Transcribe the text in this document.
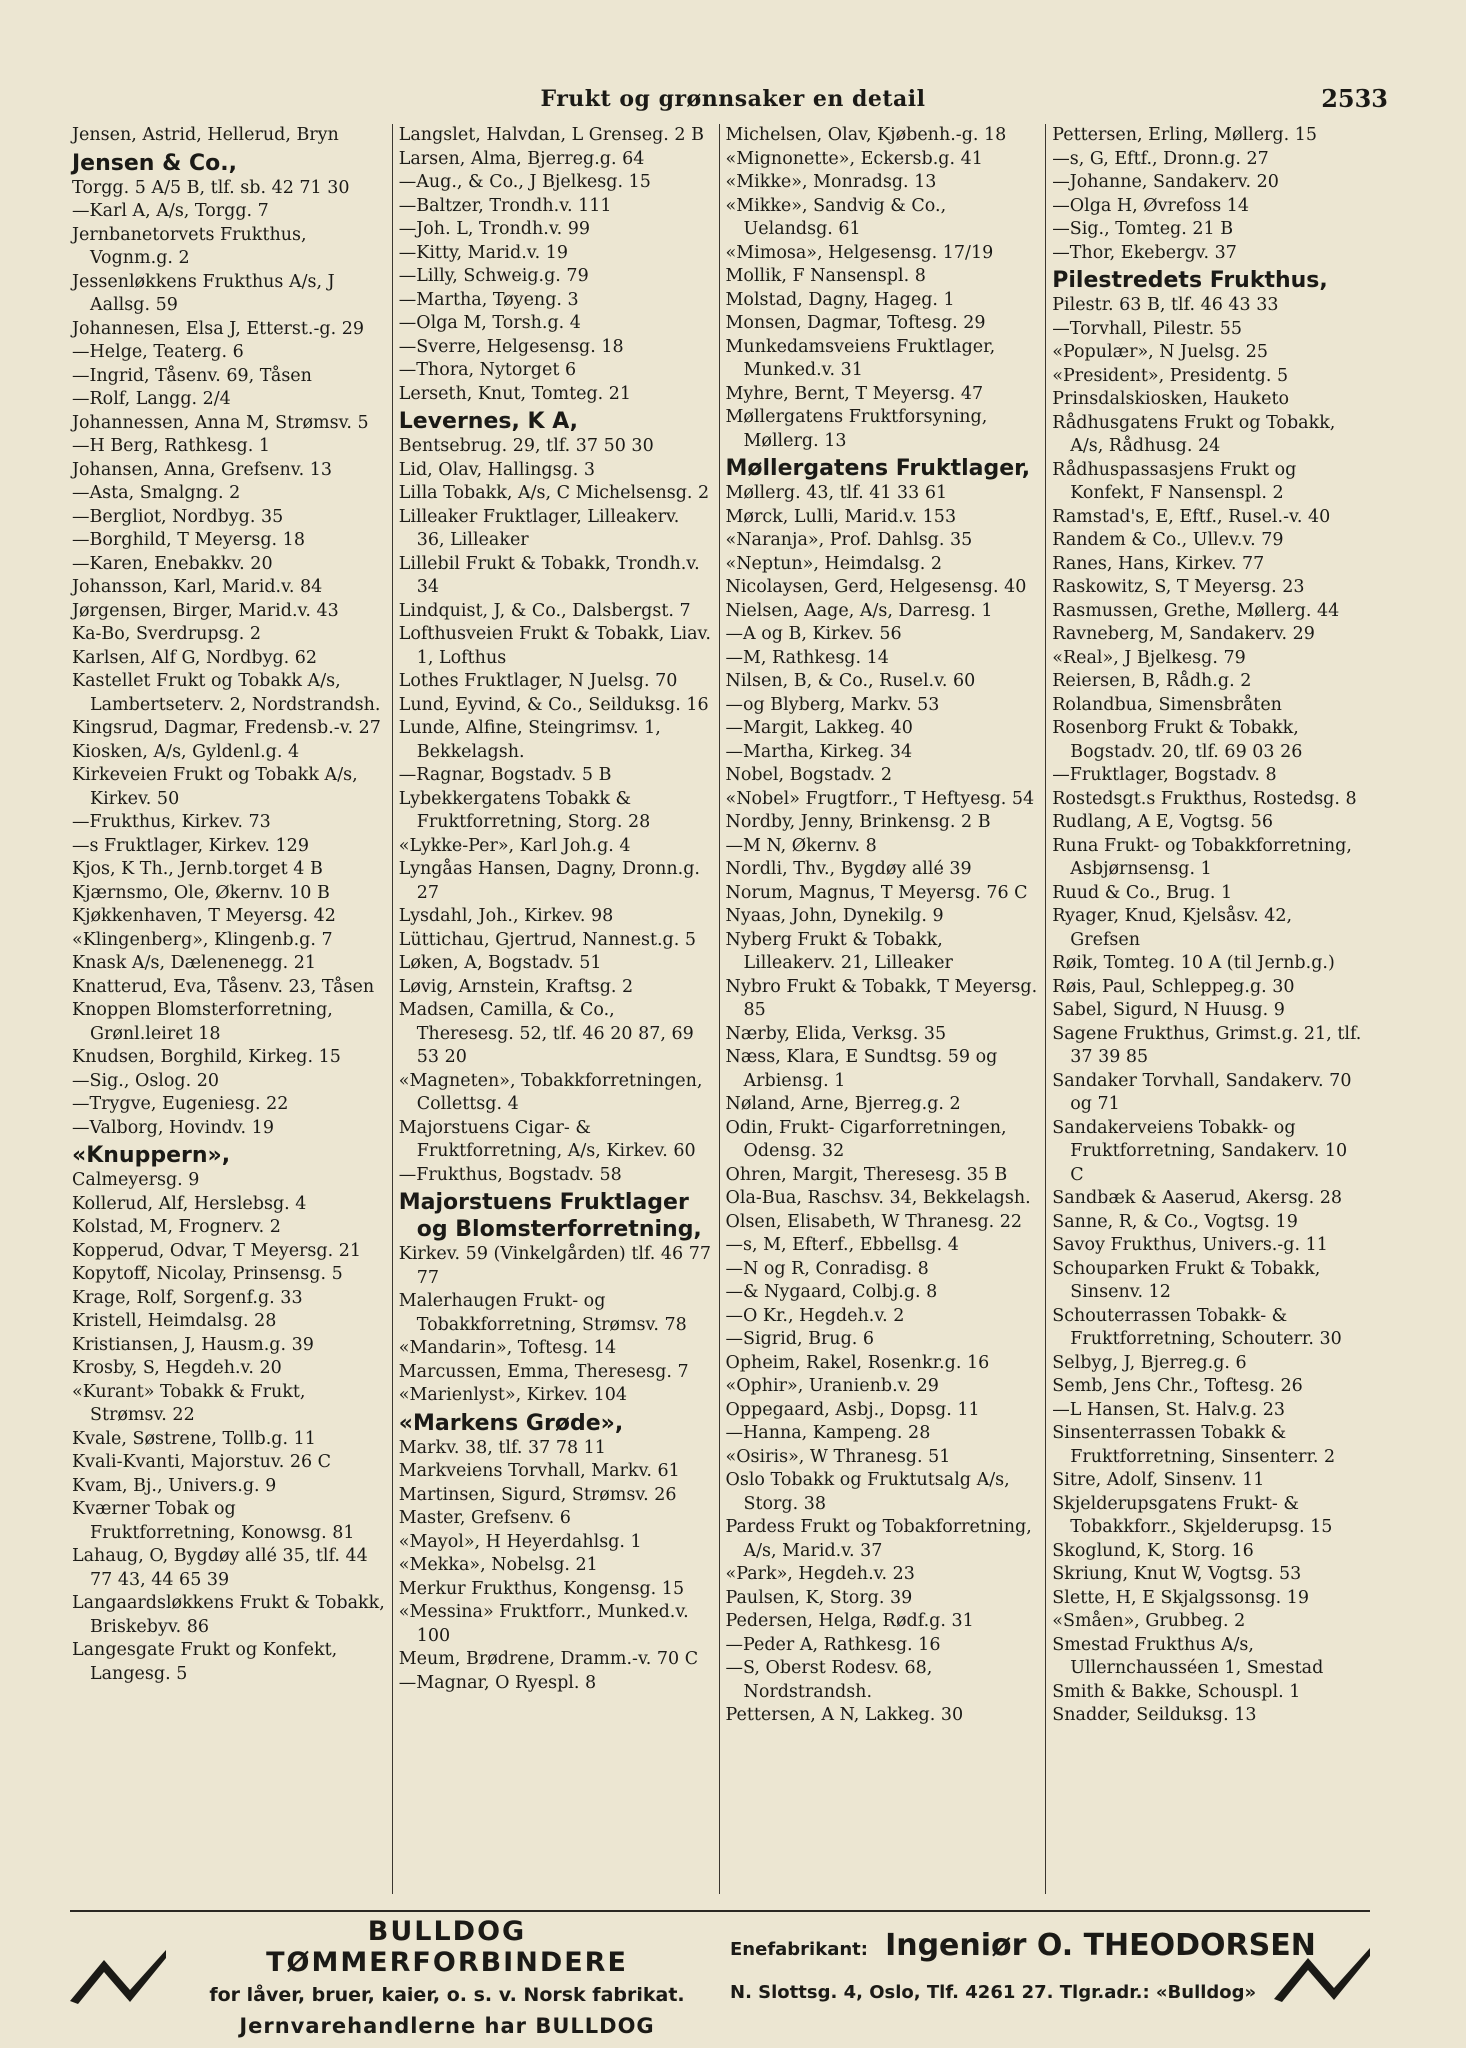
Frukt og grønnsaker en detail	2533
Jensen, Astrid, Hellerud, Bryn
Jensen & Co.,
Torgg. 5 A/5 B, tlf. sb. 42 71 30
—Karl A, A/s, Torgg. 7
Jernbanetorvets Frukthus, Vognm.g. 2
Jessenløkkens Frukthus A/s, J Aallsg. 59
Johannesen, Elsa J, Etterst.-g. 29
—Helge, Teaterg. 6
—Ingrid, Tåsenv. 69, Tåsen
—Rolf, Langg. 2/4
Johannessen, Anna M, Strømsv. 5
—H Berg, Rathkesg. 1
Johansen, Anna, Grefsenv. 13
—Asta, Smalgng. 2
—Bergliot, Nordbyg. 35
—Borghild, T Meyersg. 18
—Karen, Enebakkv. 20
Johansson, Karl, Marid.v. 84
Jørgensen, Birger, Marid.v. 43
Ka-Bo, Sverdrupsg. 2
Karlsen, Alf G, Nordbyg. 62
Kastellet Frukt og Tobakk A/s, Lambertseterv. 2, Nordstrandsh.
Kingsrud, Dagmar, Fredensb.-v. 27
Kiosken, A/s, Gyldenl.g. 4
Kirkeveien Frukt og Tobakk A/s, Kirkev. 50
—Frukthus, Kirkev. 73
—s Fruktlager, Kirkev. 129
Kjos, K Th., Jernb.torget 4 B
Kjærnsmo, Ole, Økernv. 10 B
Kjøkkenhaven, T Meyersg. 42
«Klingenberg», Klingenb.g. 7
Knask A/s, Dælenenegg. 21
Knatterud, Eva, Tåsenv. 23, Tåsen
Knoppen Blomsterforretning, Grønl.leiret 18
Knudsen, Borghild, Kirkeg. 15
—Sig., Oslog. 20
—Trygve, Eugeniesg. 22
—Valborg, Hovindv. 19
«Knuppern»,
Calmeyersg. 9
Kollerud, Alf, Herslebsg. 4
Kolstad, M, Frognerv. 2
Kopperud, Odvar, T Meyersg. 21
Kopytoff, Nicolay, Prinsensg. 5
Krage, Rolf, Sorgenf.g. 33
Kristell, Heimdalsg. 28
Kristiansen, J, Hausm.g. 39
Krosby, S, Hegdeh.v. 20
«Kurant» Tobakk & Frukt, Strømsv. 22
Kvale, Søstrene, Tollb.g. 11
Kvali-Kvanti, Majorstuv. 26 C
Kvam, Bj., Univers.g. 9
Kværner Tobak og Fruktforretning, Konowsg. 81
Lahaug, O, Bygdøy allé 35, tlf. 44 77 43, 44 65 39
Langaardsløkkens Frukt & Tobakk, Briskebyv. 86
Langesgate Frukt og Konfekt, Langesg. 5
Langslet, Halvdan, L Grenseg. 2 B
Larsen, Alma, Bjerreg.g. 64
—Aug., & Co., J Bjelkesg. 15
—Baltzer, Trondh.v. 111
—Joh. L, Trondh.v. 99
—Kitty, Marid.v. 19
—Lilly, Schweig.g. 79
—Martha, Tøyeng. 3
—Olga M, Torsh.g. 4
—Sverre, Helgesensg. 18
—Thora, Nytorget 6
Lerseth, Knut, Tomteg. 21
Levernes, K A,
Bentsebrug. 29, tlf. 37 50 30
Lid, Olav, Hallingsg. 3
Lilla Tobakk, A/s, C Michelsensg. 2
Lilleaker Fruktlager, Lilleakerv. 36, Lilleaker
Lillebil Frukt & Tobakk, Trondh.v. 34
Lindquist, J, & Co., Dalsbergst. 7
Lofthusveien Frukt & Tobakk, Liav. 1, Lofthus
Lothes Fruktlager, N Juelsg. 70
Lund, Eyvind, & Co., Seilduksg. 16
Lunde, Alfine, Steingrimsv. 1, Bekkelagsh.
—Ragnar, Bogstadv. 5 B
Lybekkergatens Tobakk & Fruktforretning, Storg. 28
«Lykke-Per», Karl Joh.g. 4
Lyngåas Hansen, Dagny, Dronn.g. 27
Lysdahl, Joh., Kirkev. 98
Lüttichau, Gjertrud, Nannest.g. 5
Løken, A, Bogstadv. 51
Løvig, Arnstein, Kraftsg. 2
Madsen, Camilla, & Co., Theresesg. 52, tlf. 46 20 87, 69 53 20
«Magneten», Tobakkforretningen, Collettsg. 4
Majorstuens Cigar- & Fruktforretning, A/s, Kirkev. 60
—Frukthus, Bogstadv. 58
Majorstuens Fruktlager og Blomsterforretning,
Kirkev. 59 (Vinkelgården) tlf. 46 77 77
Malerhaugen Frukt- og Tobakkforretning, Strømsv. 78
«Mandarin», Toftesg. 14
Marcussen, Emma, Theresesg. 7
«Marienlyst», Kirkev. 104
«Markens Grøde»,
Markv. 38, tlf. 37 78 11
Markveiens Torvhall, Markv. 61
Martinsen, Sigurd, Strømsv. 26
Master, Grefsenv. 6
«Mayol», H Heyerdahlsg. 1
«Mekka», Nobelsg. 21
Merkur Frukthus, Kongensg. 15
«Messina» Fruktforr., Munked.v. 100
Meum, Brødrene, Dramm.-v. 70 C
—Magnar, O Ryespl. 8
Michelsen, Olav, Kjøbenh.-g. 18
«Mignonette», Eckersb.g. 41
«Mikke», Monradsg. 13
«Mikke», Sandvig & Co., Uelandsg. 61
«Mimosa», Helgesensg. 17/19
Mollik, F Nansenspl. 8
Molstad, Dagny, Hageg. 1
Monsen, Dagmar, Toftesg. 29
Munkedamsveiens Fruktlager, Munked.v. 31
Myhre, Bernt, T Meyersg. 47
Møllergatens Fruktforsyning, Møllerg. 13
Møllergatens Fruktlager,
Møllerg. 43, tlf. 41 33 61
Mørck, Lulli, Marid.v. 153
«Naranja», Prof. Dahlsg. 35
«Neptun», Heimdalsg. 2
Nicolaysen, Gerd, Helgesensg. 40
Nielsen, Aage, A/s, Darresg. 1
—A og B, Kirkev. 56
—M, Rathkesg. 14
Nilsen, B, & Co., Rusel.v. 60
—og Blyberg, Markv. 53
—Margit, Lakkeg. 40
—Martha, Kirkeg. 34
Nobel, Bogstadv. 2
«Nobel» Frugtforr., T Heftyesg. 54
Nordby, Jenny, Brinkensg. 2 B
—M N, Økernv. 8
Nordli, Thv., Bygdøy allé 39
Norum, Magnus, T Meyersg. 76 C
Nyaas, John, Dynekilg. 9
Nyberg Frukt & Tobakk, Lilleakerv. 21, Lilleaker
Nybro Frukt & Tobakk, T Meyersg. 85
Nærby, Elida, Verksg. 35
Næss, Klara, E Sundtsg. 59 og Arbiensg. 1
Nøland, Arne, Bjerreg.g. 2
Odin, Frukt- Cigarforretningen, Odensg. 32
Ohren, Margit, Theresesg. 35 B
Ola-Bua, Raschsv. 34, Bekkelagsh.
Olsen, Elisabeth, W Thranesg. 22
—s, M, Efterf., Ebbellsg. 4
—N og R, Conradisg. 8
—& Nygaard, Colbj.g. 8
—O Kr., Hegdeh.v. 2
—Sigrid, Brug. 6
Opheim, Rakel, Rosenkr.g. 16
«Ophir», Uranienb.v. 29
Oppegaard, Asbj., Dopsg. 11
—Hanna, Kampeng. 28
«Osiris», W Thranesg. 51
Oslo Tobakk og Fruktutsalg A/s, Storg. 38
Pardess Frukt og Tobakforretning, A/s, Marid.v. 37
«Park», Hegdeh.v. 23
Paulsen, K, Storg. 39
Pedersen, Helga, Rødf.g. 31
—Peder A, Rathkesg. 16
—S, Oberst Rodesv. 68, Nordstrandsh.
Pettersen, A N, Lakkeg. 30
Pettersen, Erling, Møllerg. 15
—s, G, Eftf., Dronn.g. 27
—Johanne, Sandakerv. 20
—Olga H, Øvrefoss 14
—Sig., Tomteg. 21 B
—Thor, Ekebergv. 37
Pilestredets Frukthus,
Pilestr. 63 B, tlf. 46 43 33
—Torvhall, Pilestr. 55
«Populær», N Juelsg. 25
«President», Presidentg. 5
Prinsdalskiosken, Hauketo
Rådhusgatens Frukt og Tobakk, A/s, Rådhusg. 24
Rådhuspassasjens Frukt og Konfekt, F Nansenspl. 2
Ramstad's, E, Eftf., Rusel.-v. 40
Randem & Co., Ullev.v. 79
Ranes, Hans, Kirkev. 77
Raskowitz, S, T Meyersg. 23
Rasmussen, Grethe, Møllerg. 44
Ravneberg, M, Sandakerv. 29
«Real», J Bjelkesg. 79
Reiersen, B, Rådh.g. 2
Rolandbua, Simensbråten
Rosenborg Frukt & Tobakk, Bogstadv. 20, tlf. 69 03 26
—Fruktlager, Bogstadv. 8
Rostedsgt.s Frukthus, Rostedsg. 8
Rudlang, A E, Vogtsg. 56
Runa Frukt- og Tobakkforretning, Asbjørnsensg. 1
Ruud & Co., Brug. 1
Ryager, Knud, Kjelsåsv. 42, Grefsen
Røik, Tomteg. 10 A (til Jernb.g.)
Røis, Paul, Schleppeg.g. 30
Sabel, Sigurd, N Huusg. 9
Sagene Frukthus, Grimst.g. 21, tlf. 37 39 85
Sandaker Torvhall, Sandakerv. 70 og 71
Sandakerveiens Tobakk- og Fruktforretning, Sandakerv. 10 C
Sandbæk & Aaserud, Akersg. 28
Sanne, R, & Co., Vogtsg. 19
Savoy Frukthus, Univers.-g. 11
Schouparken Frukt & Tobakk, Sinsenv. 12
Schouterrassen Tobakk- & Fruktforretning, Schouterr. 30
Selbyg, J, Bjerreg.g. 6
Semb, Jens Chr., Toftesg. 26
—L Hansen, St. Halv.g. 23
Sinsenterrassen Tobakk & Fruktforretning, Sinsenterr. 2
Sitre, Adolf, Sinsenv. 11
Skjelderupsgatens Frukt- & Tobakkforr., Skjelderupsg. 15
Skoglund, K, Storg. 16
Skriung, Knut W, Vogtsg. 53
Slette, H, E Skjalgssonsg. 19
«Småen», Grubbeg. 2
Smestad Frukthus A/s, Ullernchausséen 1, Smestad
Smith & Bakke, Schouspl. 1
Snadder, Seilduksg. 13
BULLDOG TØMMERFORBINDERE
for låver, bruer, kaier, o. s. v. Norsk fabrikat.
Jernvarehandlerne har BULLDOG
Enefabrikant: Ingeniør O. THEODORSEN
N. Slottsg. 4, Oslo, Tlf. 4261 27. Tlgr.adr.: «Bulldog»
